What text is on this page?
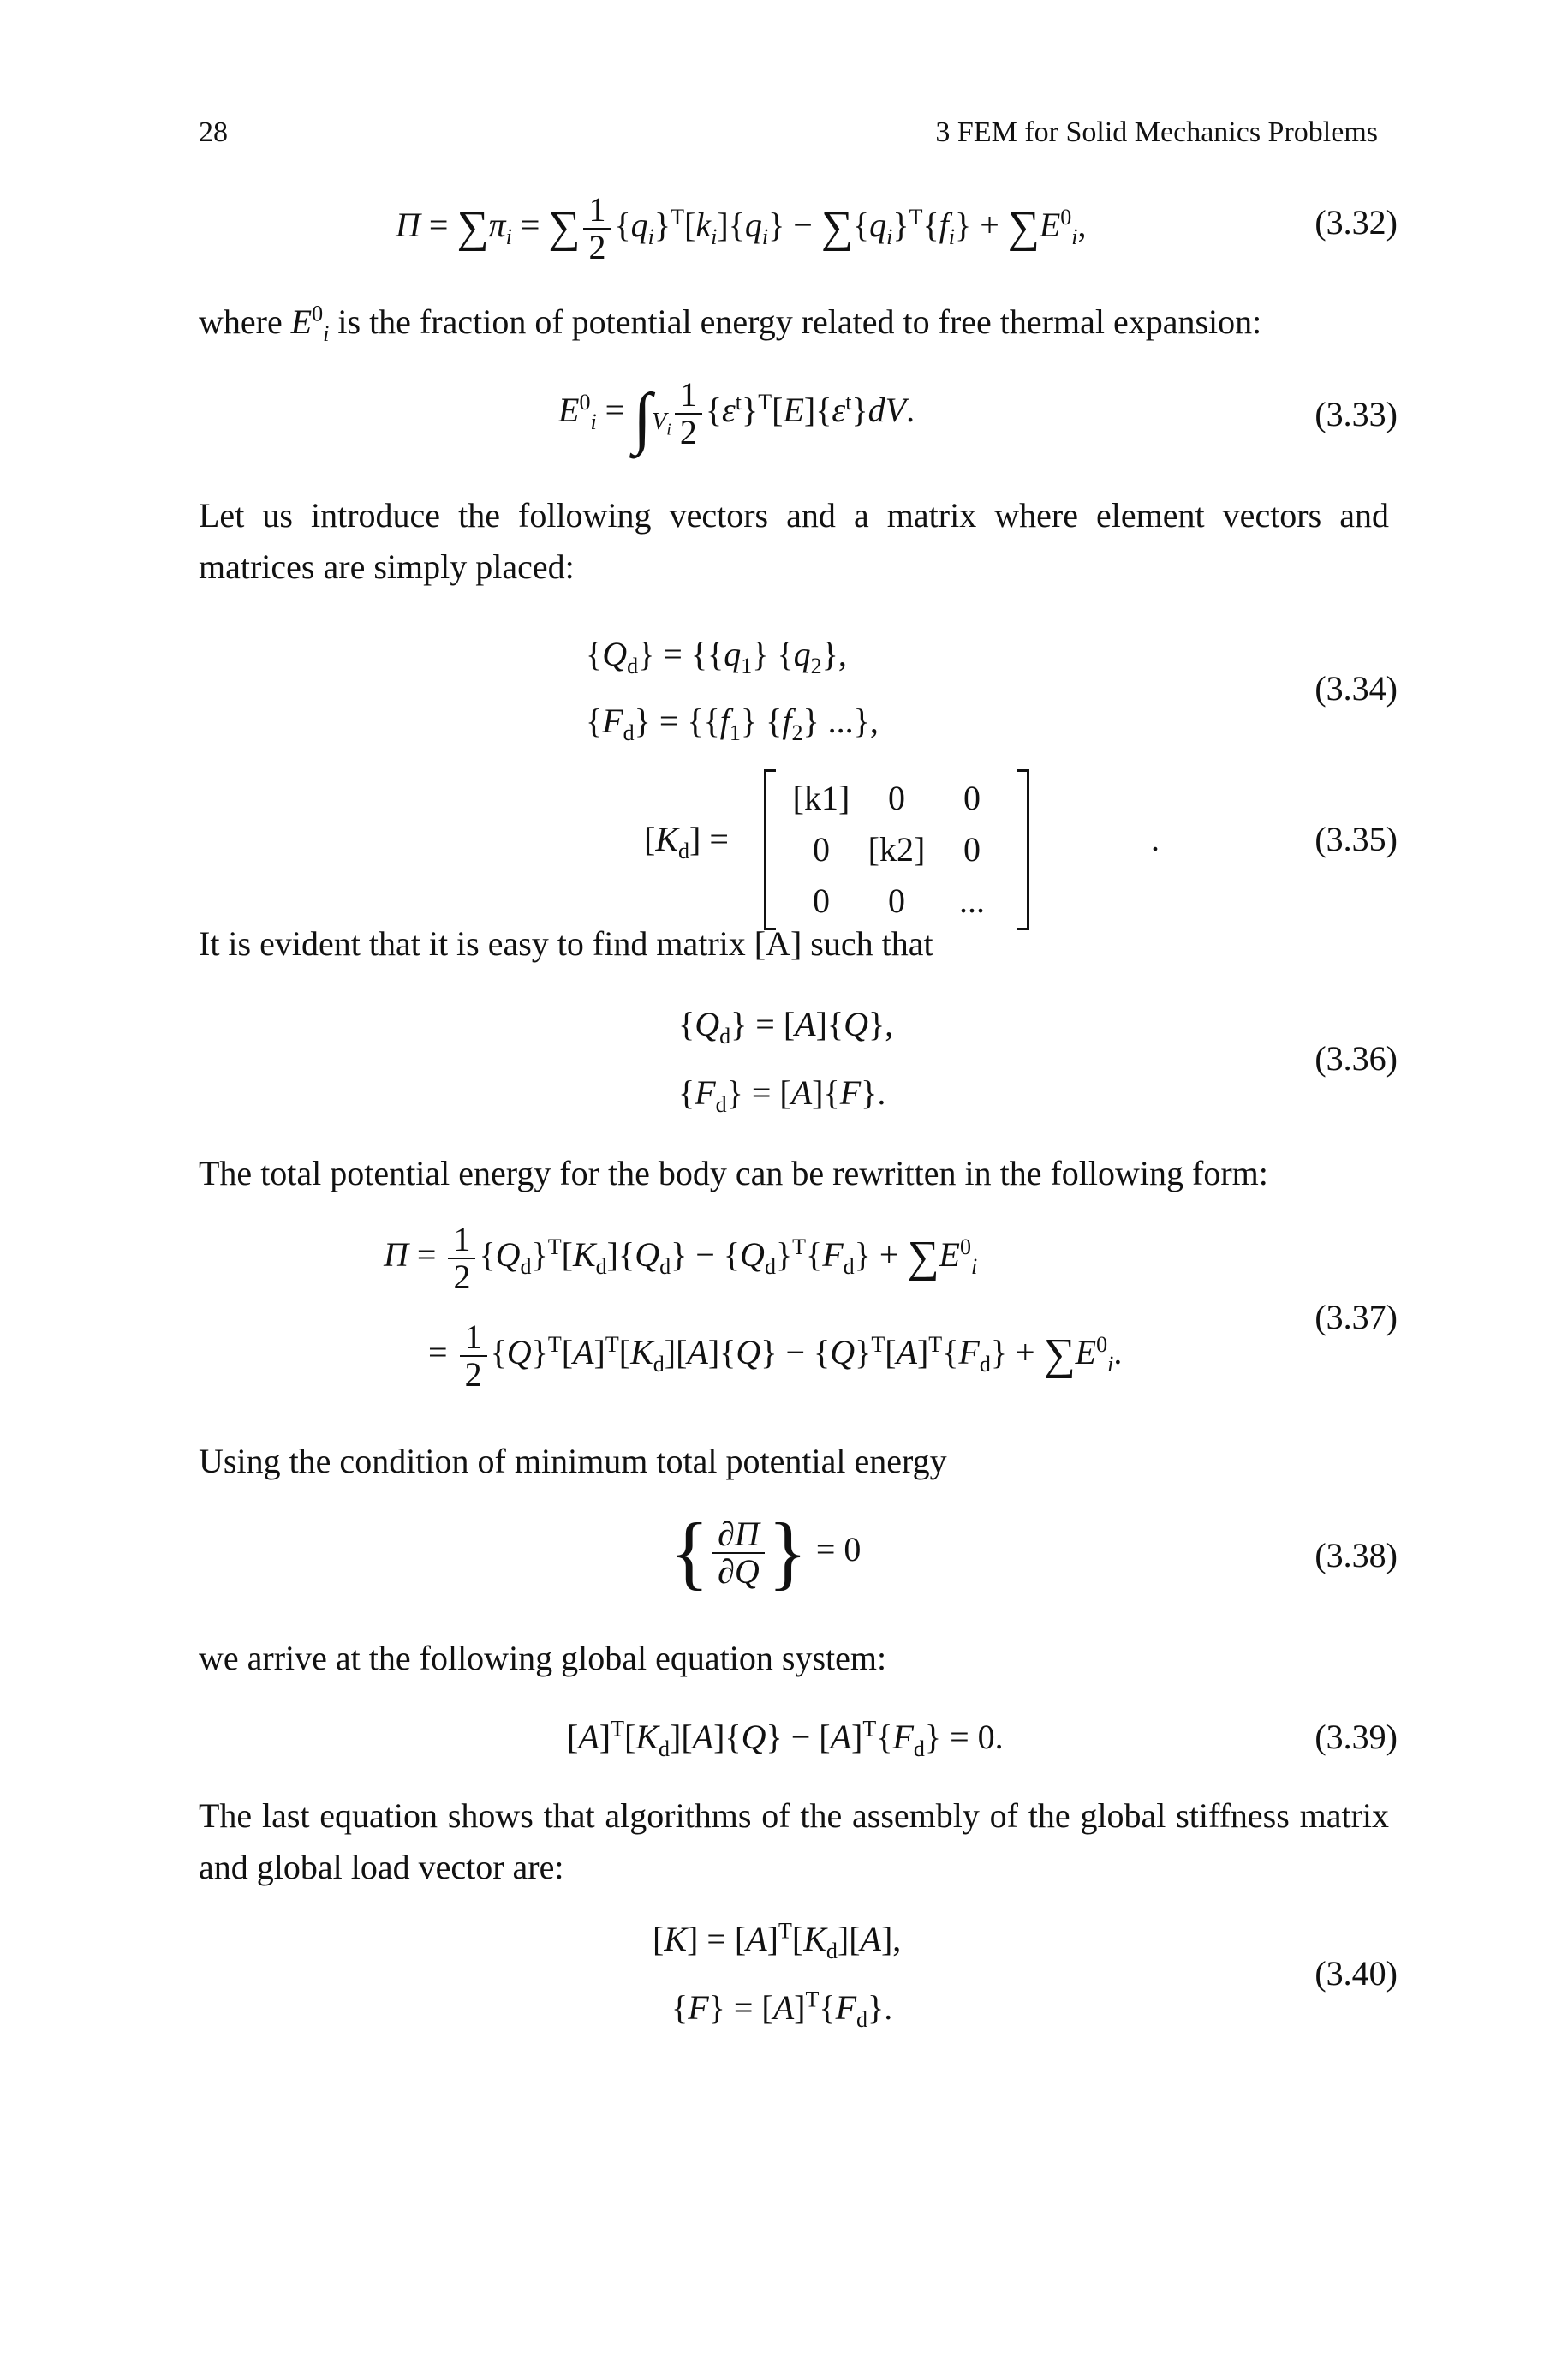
28	3 FEM for Solid Mechanics Problems
$\Pi = \sum\pi_i$ = ∑ $\frac{1}{2} \{q_i\}^T[k_i]\{q_i\} - \sum\{q_i\}^T\{f_i\} + \sum E^0_i$,	(3.32)
where $E^0_i$ is the fraction of potential energy related to free thermal expansion:
$E^0_i = \int_{V_i} \frac{1}{2} \{\varepsilon^t\}^T[E]\{\varepsilon^t\}dV$.	(3.33)
Let us introduce the following vectors and a matrix where element vectors and matrices are simply placed:
$\{Q_d\} = \{\{q_1\}$ $\{q_2\}$,
$\{F_d\} = \{\{f_1\}$ $\{f_2\}$ ...},
(3.34)
$[K_d]$ =
[k1]	0	0
0	[k2]	0
0	0	...
.	(3.35)
It is evident that it is easy to find matrix [A] such that
$\{Q_d\} = [A]\{Q\}$,
$\{F_d\} = [A]\{F\}$.
(3.36)
The total potential energy for the body can be rewritten in the following form:
$\Pi = \frac{1}{2} \{Q_d\}^T[K_d]\{Q_d\} - \{Q_d\}^T\{F_d\} + \sum E^0_i$
= $\frac{1}{2} \{Q\}^T[A]^T[K_d][A]\{Q\} - \{Q\}^T[A]^T\{F_d\} + \sum E^0_i$.
(3.37)
Using the condition of minimum total potential energy
{ $\frac{\partial\Pi}{\partial Q}$ } = 0	(3.38)
we arrive at the following global equation system:
$[A]^T[K_d][A]\{Q\} - [A]^T\{F_d\} = 0$.	(3.39)
The last equation shows that algorithms of the assembly of the global stiffness matrix and global load vector are:
$[K] = [A]^T[K_d][A]$,
$\{F\} = [A]^T\{F_d\}$.
(3.40)
